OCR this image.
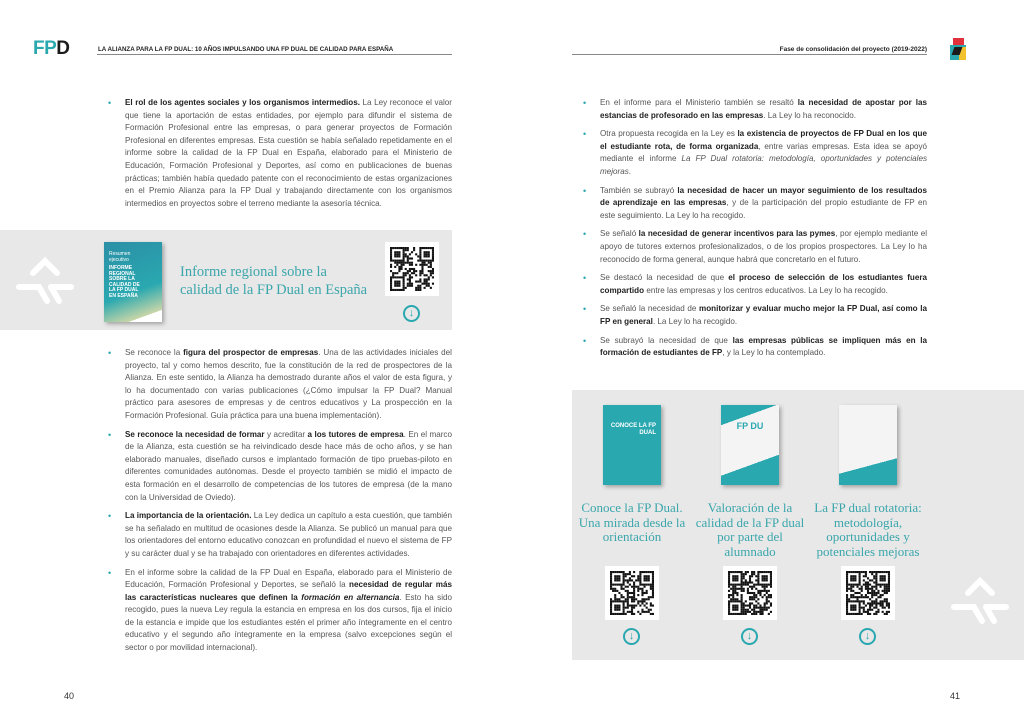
FPD	LA ALIANZA PARA LA FP DUAL: 10 AÑOS IMPULSANDO UNA FP DUAL DE CALIDAD PARA ESPAÑA
• El rol de los agentes sociales y los organismos intermedios. La Ley reconoce el valor que tiene la aportación de estas entidades, por ejemplo para difundir el sistema de Formación Profesional entre las empresas, o para generar proyectos de Formación Profesional en diferentes empresas. Esta cuestión se había señalado repetidamente en el informe sobre la calidad de la FP Dual en España, elaborado para el Ministerio de Educación, Formación Profesional y Deportes, así como en publicaciones de buenas prácticas; también había quedado patente con el reconocimiento de estas organizaciones en el Premio Alianza para la FP Dual y trabajando directamente con los organismos intermedios en proyectos sobre el terreno mediante la asesoría técnica.
Resumen
ejecutivo
INFORME
REGIONAL
SOBRE LA
CALIDAD DE
LA FP DUAL
EN ESPAÑA
Informe regional sobre la calidad de la FP Dual en España
↓
• Se reconoce la figura del prospector de empresas. Una de las actividades iniciales del proyecto, tal y como hemos descrito, fue la constitución de la red de prospectores de la Alianza. En este sentido, la Alianza ha demostrado durante años el valor de esta figura, y lo ha documentado con varias publicaciones (¿Cómo impulsar la FP Dual? Manual práctico para asesores de empresas y de centros educativos y La prospección en la Formación Profesional. Guía práctica para una buena implementación).
• Se reconoce la necesidad de formar y acreditar a los tutores de empresa. En el marco de la Alianza, esta cuestión se ha reivindicado desde hace más de ocho años, y se han elaborado manuales, diseñado cursos e implantado formación de tipo pruebas-piloto en diferentes comunidades autónomas. Desde el proyecto también se midió el impacto de esta formación en el desarrollo de competencias de los tutores de empresa (de la mano con la Universidad de Oviedo).
• La importancia de la orientación. La Ley dedica un capítulo a esta cuestión, que también se ha señalado en multitud de ocasiones desde la Alianza. Se publicó un manual para que los orientadores del entorno educativo conozcan en profundidad el nuevo el sistema de FP y su carácter dual y se ha trabajado con orientadores en diferentes actividades.
• En el informe sobre la calidad de la FP Dual en España, elaborado para el Ministerio de Educación, Formación Profesional y Deportes, se señaló la necesidad de regular más las características nucleares que definen la formación en alternancia. Esto ha sido recogido, pues la nueva Ley regula la estancia en empresa en los dos cursos, fija el inicio de la estancia e impide que los estudiantes estén el primer año íntegramente en el centro educativo y el segundo año íntegramente en la empresa (salvo excepciones según el sector o por movilidad internacional).
40
Fase de consolidación del proyecto (2019-2022)
• En el informe para el Ministerio también se resaltó la necesidad de apostar por las estancias de profesorado en las empresas. La Ley lo ha reconocido.
• Otra propuesta recogida en la Ley es la existencia de proyectos de FP Dual en los que el estudiante rota, de forma organizada, entre varias empresas. Esta idea se apoyó mediante el informe La FP Dual rotatoria: metodología, oportunidades y potenciales mejoras.
• También se subrayó la necesidad de hacer un mayor seguimiento de los resultados de aprendizaje en las empresas, y de la participación del propio estudiante de FP en este seguimiento. La Ley lo ha recogido.
• Se señaló la necesidad de generar incentivos para las pymes, por ejemplo mediante el apoyo de tutores externos profesionalizados, o de los propios prospectores. La Ley lo ha reconocido de forma general, aunque habrá que concretarlo en el futuro.
• Se destacó la necesidad de que el proceso de selección de los estudiantes fuera compartido entre las empresas y los centros educativos. La Ley lo ha recogido.
• Se señaló la necesidad de monitorizar y evaluar mucho mejor la FP Dual, así como la FP en general. La Ley lo ha recogido.
• Se subrayó la necesidad de que las empresas públicas se impliquen más en la formación de estudiantes de FP, y la Ley lo ha contemplado.
CONOCE LA FP DUAL
Conoce la FP Dual. Una mirada desde la orientación
↓
FP DU
Valoración de la calidad de la FP dual por parte del alumnado
↓
La FP dual rotatoria: metodología, oportunidades y potenciales mejoras
↓
41
